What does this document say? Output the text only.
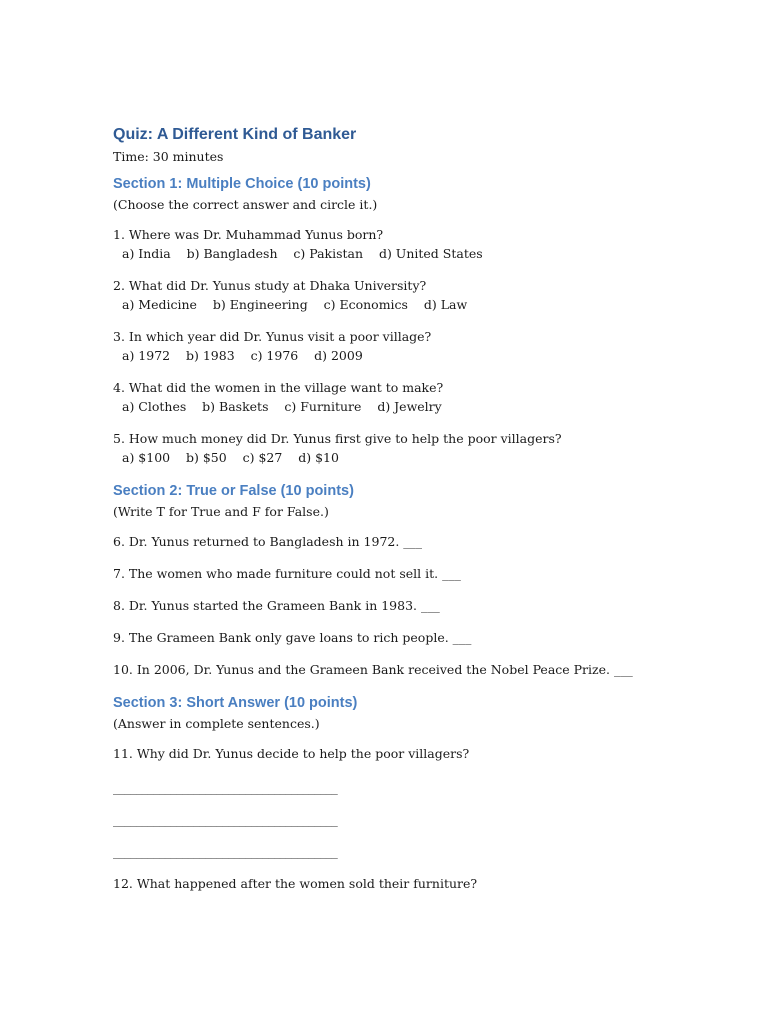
Quiz: A Different Kind of Banker

Time: 30 minutes

Section 1: Multiple Choice (10 points)

(Choose the correct answer and circle it.)

1. Where was Dr. Muhammad Yunus born?

a) India    b) Bangladesh    c) Pakistan    d) United States

2. What did Dr. Yunus study at Dhaka University?

a) Medicine    b) Engineering    c) Economics    d) Law

3. In which year did Dr. Yunus visit a poor village?

a) 1972    b) 1983    c) 1976    d) 2009

4. What did the women in the village want to make?

a) Clothes    b) Baskets    c) Furniture    d) Jewelry

5. How much money did Dr. Yunus first give to help the poor villagers?

a) $100    b) $50    c) $27    d) $10

Section 2: True or False (10 points)

(Write T for True and F for False.)

6. Dr. Yunus returned to Bangladesh in 1972. ___

7. The women who made furniture could not sell it. ___

8. Dr. Yunus started the Grameen Bank in 1983. ___

9. The Grameen Bank only gave loans to rich people. ___

10. In 2006, Dr. Yunus and the Grameen Bank received the Nobel Peace Prize. ___

Section 3: Short Answer (10 points)

(Answer in complete sentences.)

11. Why did Dr. Yunus decide to help the poor villagers?

_______________________________________

_______________________________________

_______________________________________

12. What happened after the women sold their furniture?
